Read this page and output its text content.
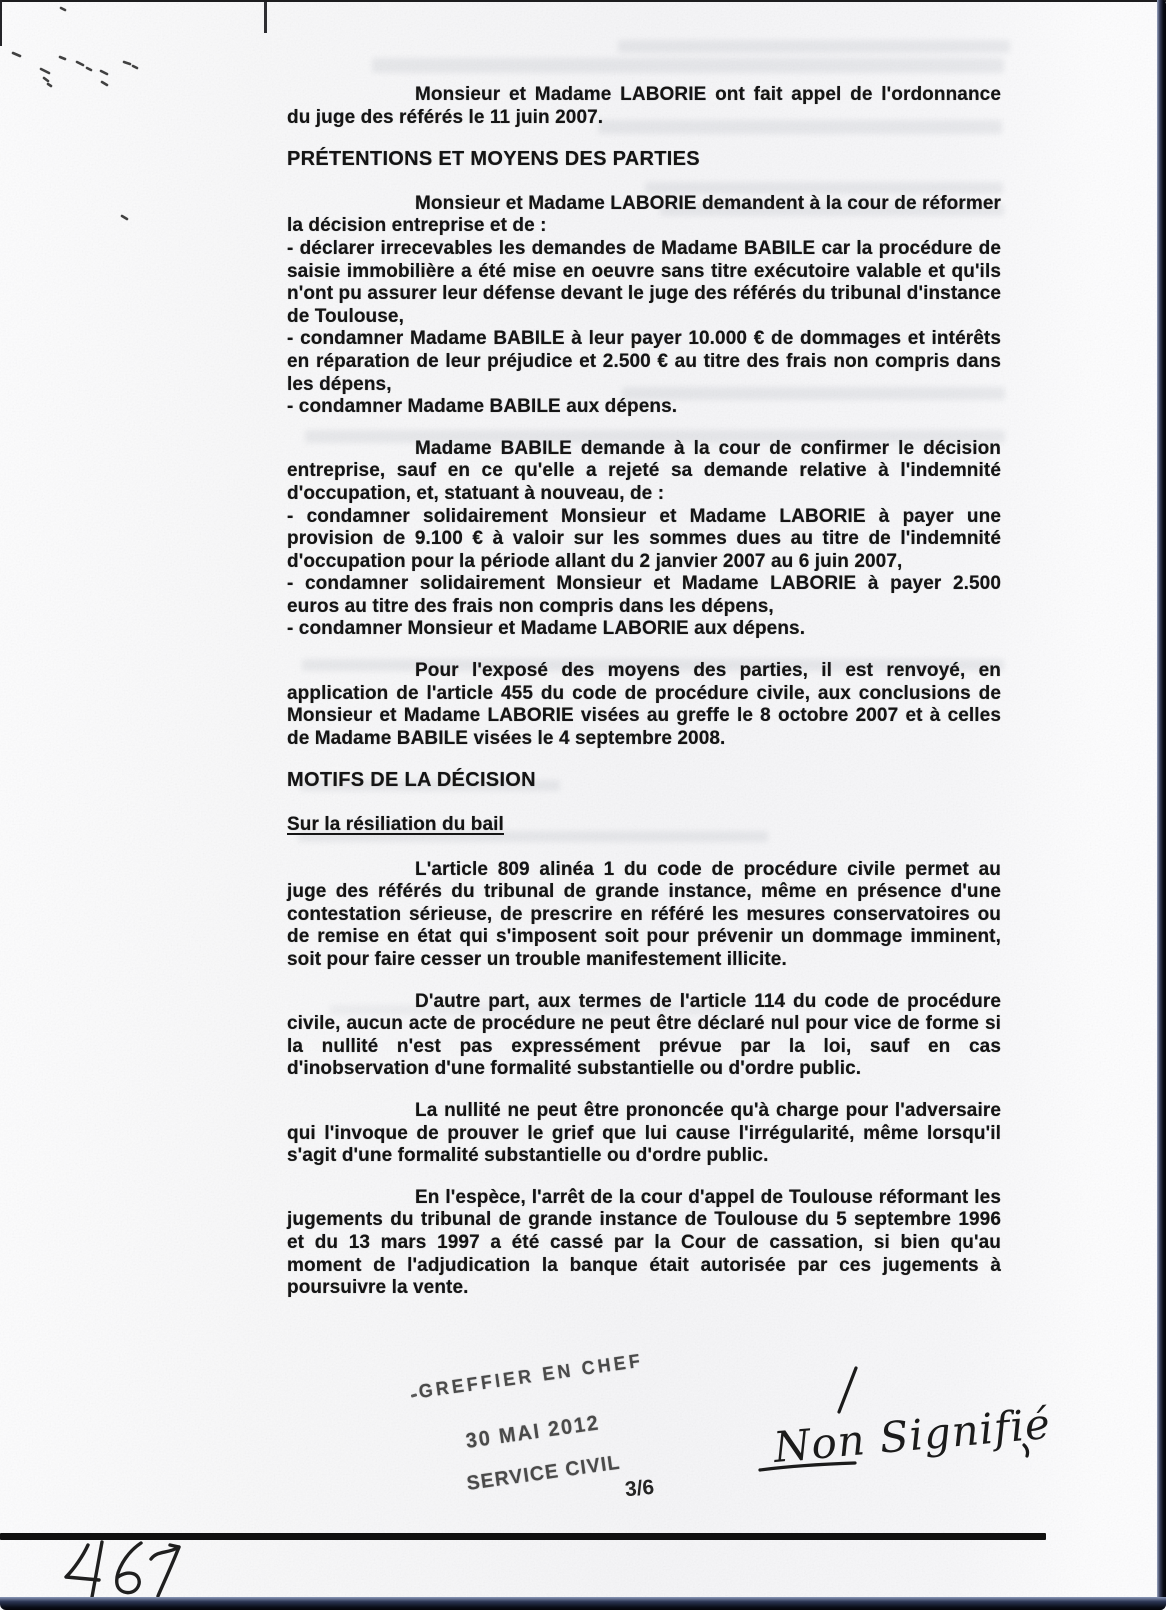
Monsieur et Madame LABORIE ont fait appel de l'ordonnance du juge des référés le 11 juin 2007.
PRÉTENTIONS ET MOYENS DES PARTIES
Monsieur et Madame LABORIE demandent à la cour de réformer la décision entreprise et de :
- déclarer irrecevables les demandes de Madame BABILE car la procédure de saisie immobilière a été mise en oeuvre sans titre exécutoire valable et qu'ils n'ont pu assurer leur défense devant le juge des référés du tribunal d'instance de Toulouse,
- condamner Madame BABILE à leur payer 10.000 € de dommages et intérêts en réparation de leur préjudice et 2.500 € au titre des frais non compris dans les dépens,
- condamner Madame BABILE aux dépens.
Madame BABILE demande à la cour de confirmer le décision entreprise, sauf en ce qu'elle a rejeté sa demande relative à l'indemnité d'occupation, et, statuant à nouveau, de :
- condamner solidairement Monsieur et Madame LABORIE à payer une provision de 9.100 € à valoir sur les sommes dues au titre de l'indemnité d'occupation pour la période allant du 2 janvier 2007 au 6 juin 2007,
- condamner solidairement Monsieur et Madame LABORIE à payer 2.500 euros au titre des frais non compris dans les dépens,
- condamner Monsieur et Madame LABORIE aux dépens.
Pour l'exposé des moyens des parties, il est renvoyé, en application de l'article 455 du code de procédure civile, aux conclusions de Monsieur et Madame LABORIE visées au greffe le 8 octobre 2007 et à celles de Madame BABILE visées le 4 septembre 2008.
MOTIFS DE LA DÉCISION
Sur la résiliation du bail
L'article 809 alinéa 1 du code de procédure civile permet au juge des référés du tribunal de grande instance, même en présence d'une contestation sérieuse, de prescrire en référé les mesures conservatoires ou de remise en état qui s'imposent soit pour prévenir un dommage imminent, soit pour faire cesser un trouble manifestement illicite.
D'autre part, aux termes de l'article 114 du code de procédure civile, aucun acte de procédure ne peut être déclaré nul pour vice de forme si la nullité n'est pas expressément prévue par la loi, sauf en cas d'inobservation d'une formalité substantielle ou d'ordre public.
La nullité ne peut être prononcée qu'à charge pour l'adversaire qui l'invoque de prouver le grief que lui cause l'irrégularité, même lorsqu'il s'agit d'une formalité substantielle ou d'ordre public.
En l'espèce, l'arrêt de la cour d'appel de Toulouse réformant les jugements du tribunal de grande instance de Toulouse du 5 septembre 1996 et du 13 mars 1997 a été cassé par la Cour de cassation, si bien qu'au moment de l'adjudication la banque était autorisée par ces jugements à poursuivre la vente.
GREFFIER EN CHEF
30 MAI 2012
SERVICE CIVIL 3/6
Non Signifié
